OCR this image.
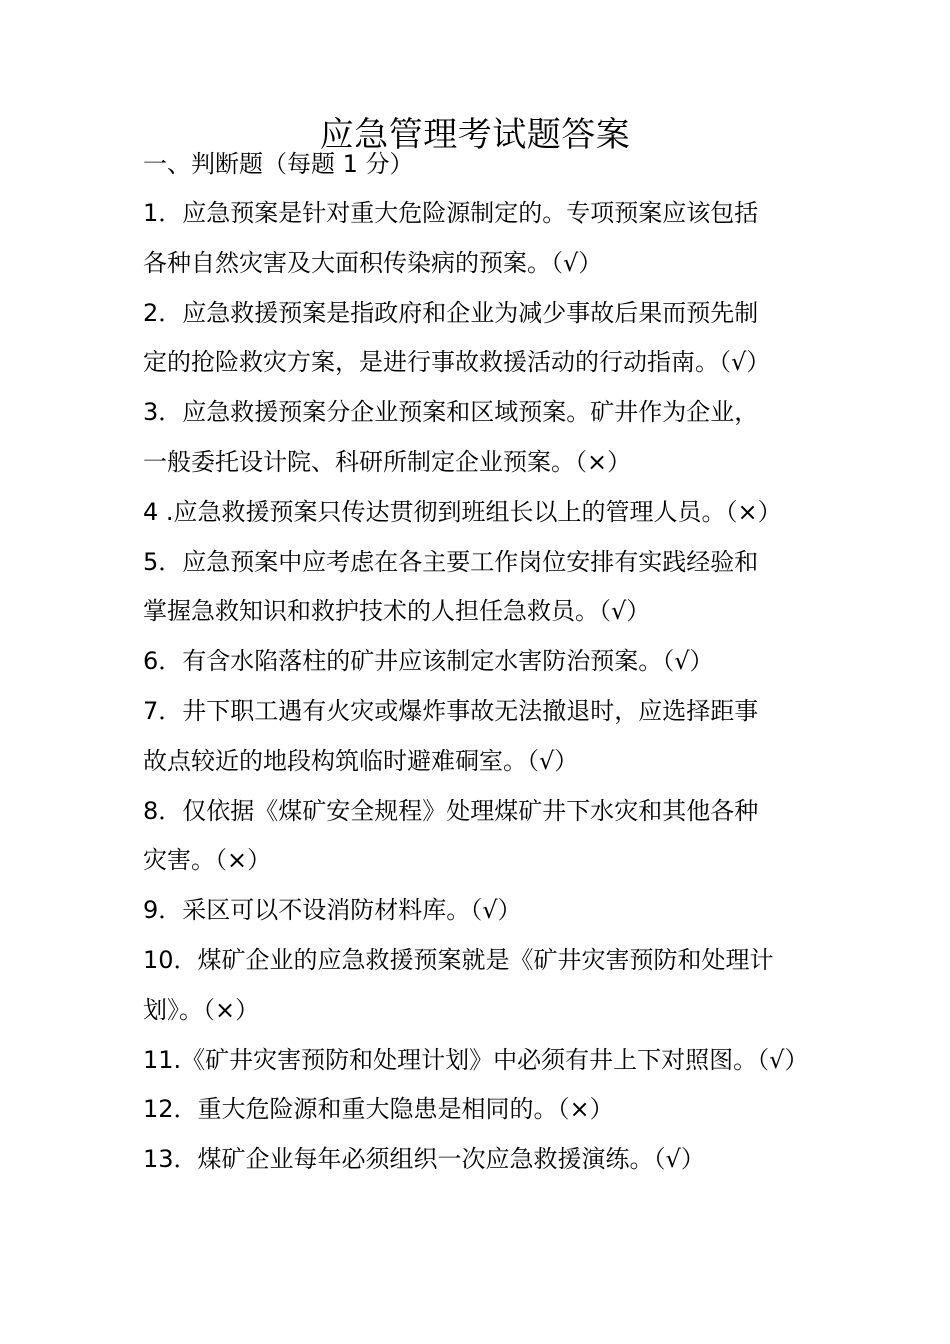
应急管理考试题答案
一、判断题（每题 1 分）
1．应急预案是针对重大危险源制定的。专项预案应该包括
各种自然灾害及大面积传染病的预案。（√）
2．应急救援预案是指政府和企业为减少事故后果而预先制
定的抢险救灾方案，是进行事故救援活动的行动指南。（√）
3．应急救援预案分企业预案和区域预案。矿井作为企业，
一般委托设计院、科研所制定企业预案。（×）
4 .应急救援预案只传达贯彻到班组长以上的管理人员。（×）
5．应急预案中应考虑在各主要工作岗位安排有实践经验和
掌握急救知识和救护技术的人担任急救员。（√）
6．有含水陷落柱的矿井应该制定水害防治预案。（√）
7．井下职工遇有火灾或爆炸事故无法撤退时，应选择距事
故点较近的地段构筑临时避难硐室。（√）
8．仅依据《煤矿安全规程》处理煤矿井下水灾和其他各种
灾害。（×）
9．采区可以不设消防材料库。（√）
10．煤矿企业的应急救援预案就是《矿井灾害预防和处理计
划》。（×）
11.《矿井灾害预防和处理计划》中必须有井上下对照图。（√）
12．重大危险源和重大隐患是相同的。（×）
13．煤矿企业每年必须组织一次应急救援演练。（√）
